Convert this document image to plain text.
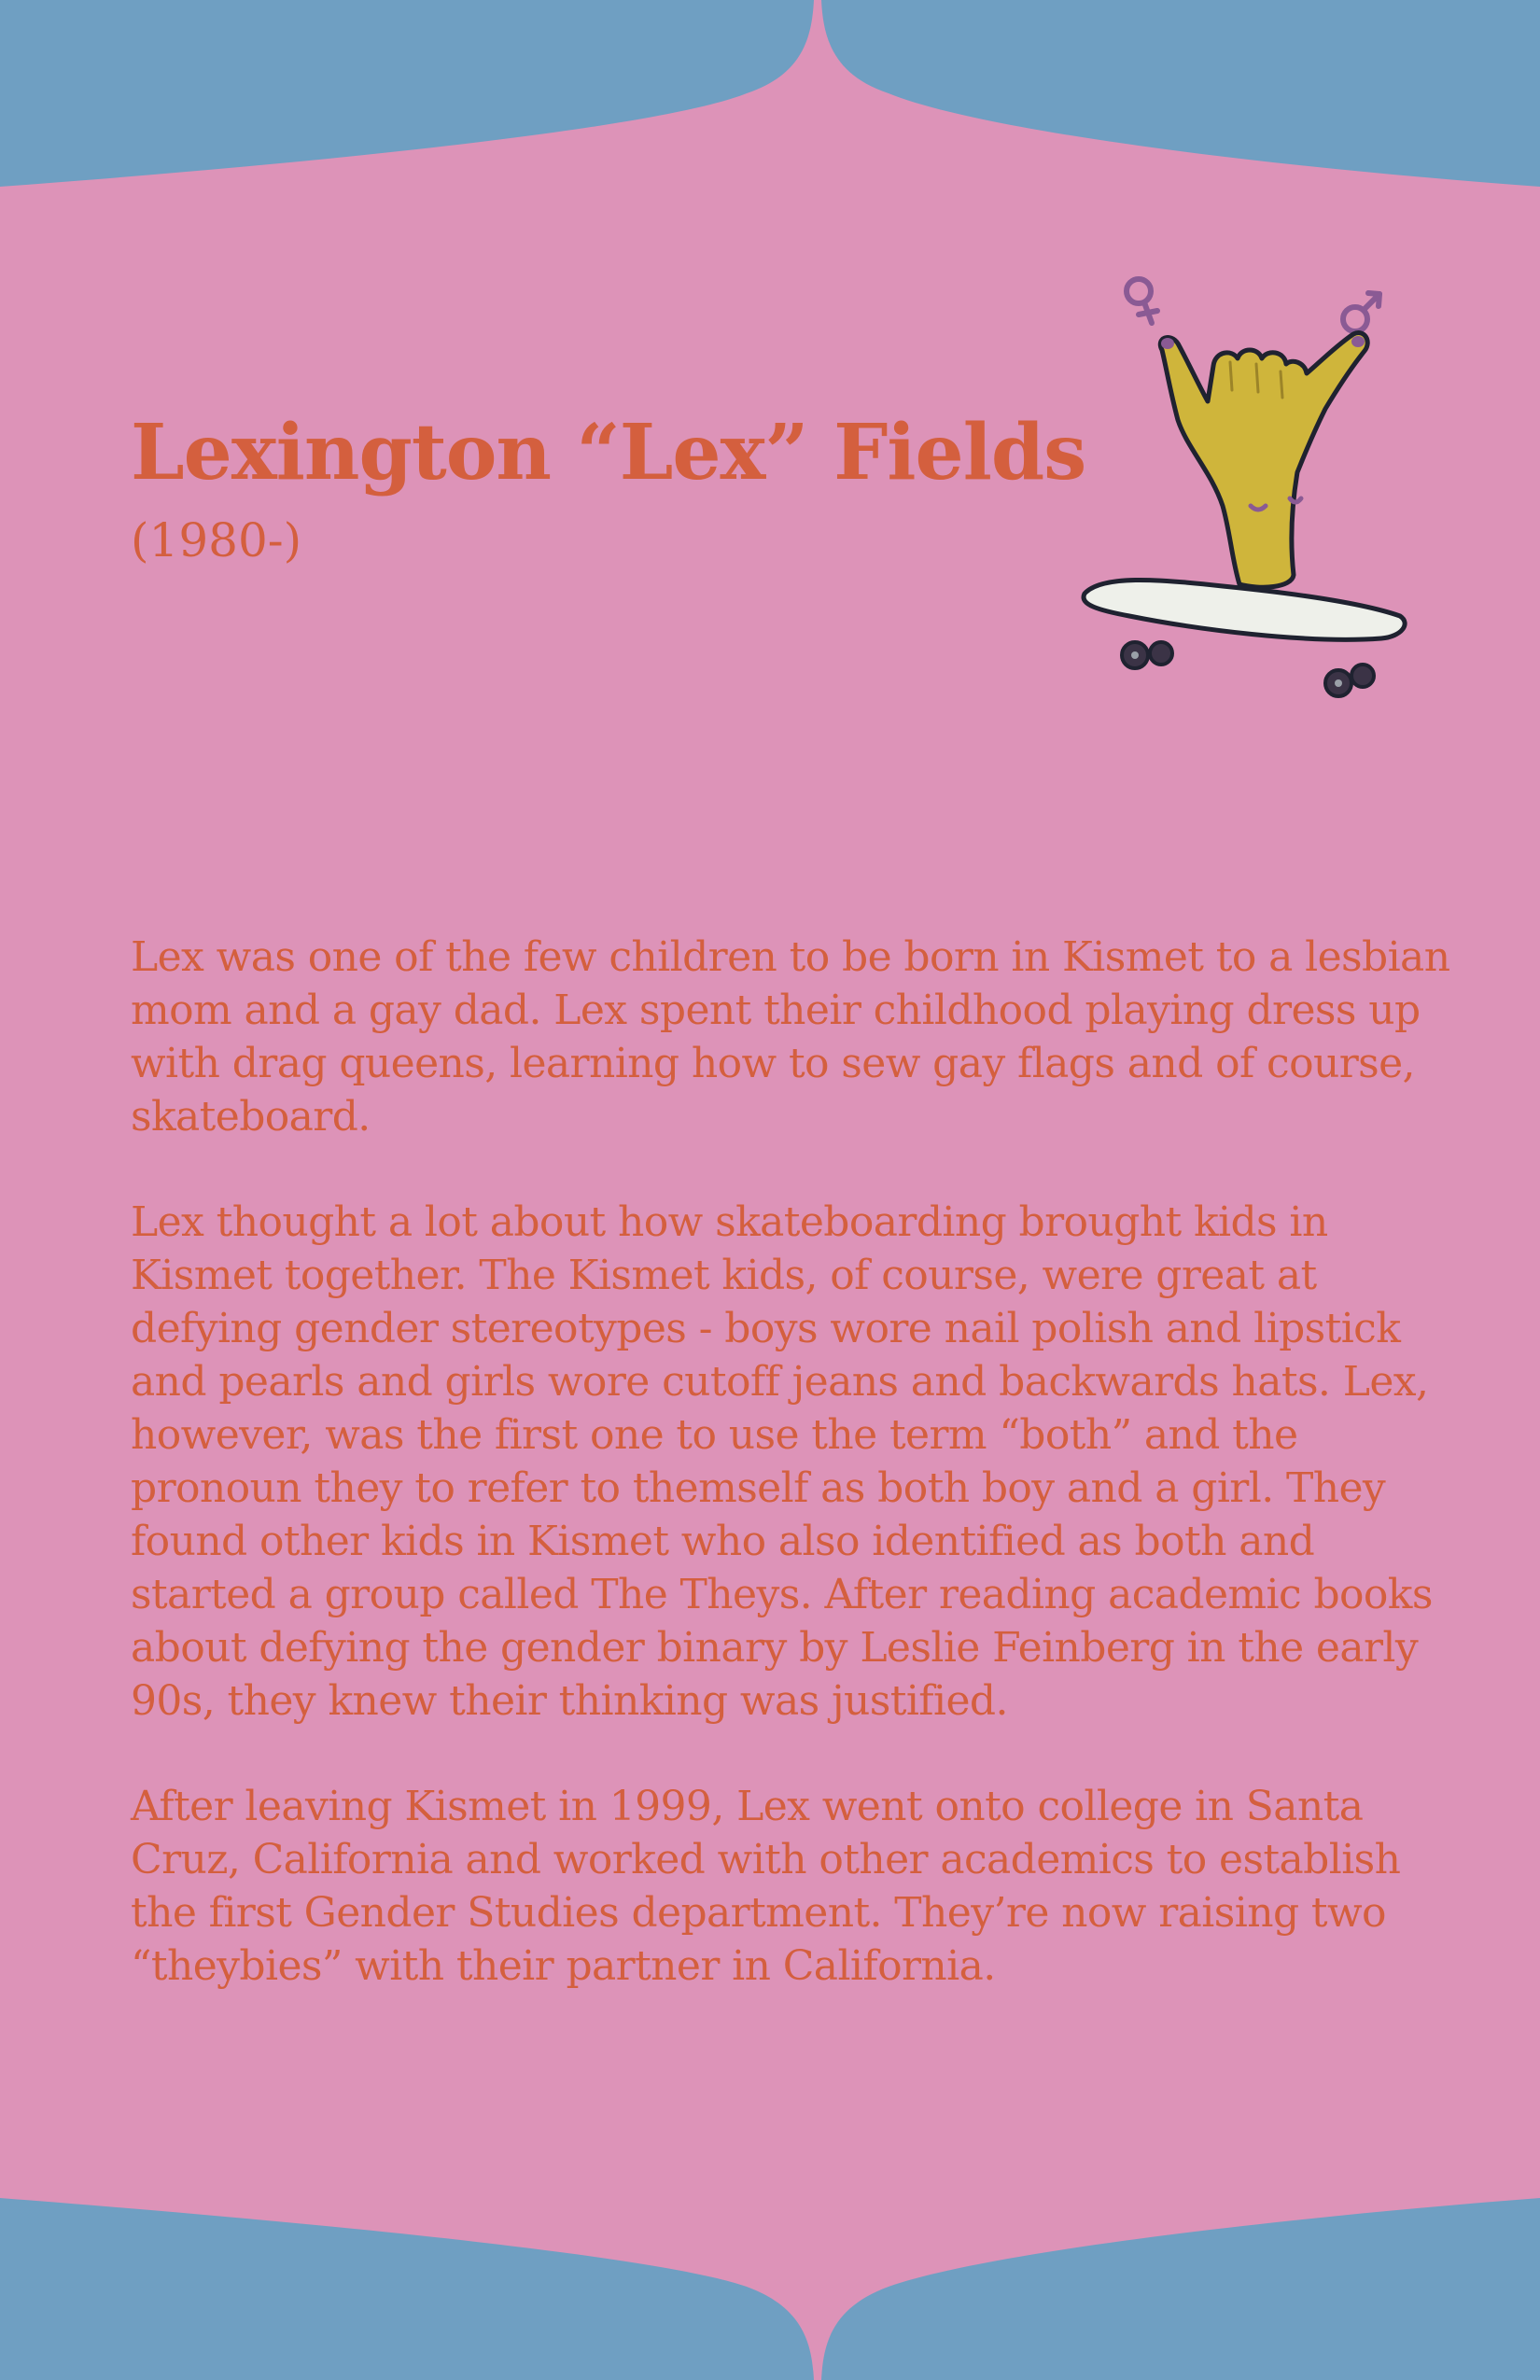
Lexington “Lex” Fields
(1980-)

Lex was one of the few children to be born in Kismet to a lesbian mom and a gay dad. Lex spent their childhood playing dress up with drag queens, learning how to sew gay flags and of course, skateboard.

Lex thought a lot about how skateboarding brought kids in Kismet together. The Kismet kids, of course, were great at defying gender stereotypes - boys wore nail polish and lipstick and pearls and girls wore cutoff jeans and backwards hats. Lex, however, was the first one to use the term “both” and the pronoun they to refer to themself as both boy and a girl. They found other kids in Kismet who also identified as both and started a group called The Theys. After reading academic books about defying the gender binary by Leslie Feinberg in the early 90s, they knew their thinking was justified.

After leaving Kismet in 1999, Lex went onto college in Santa Cruz, California and worked with other academics to establish the first Gender Studies department. They’re now raising two “theybies” with their partner in California.
